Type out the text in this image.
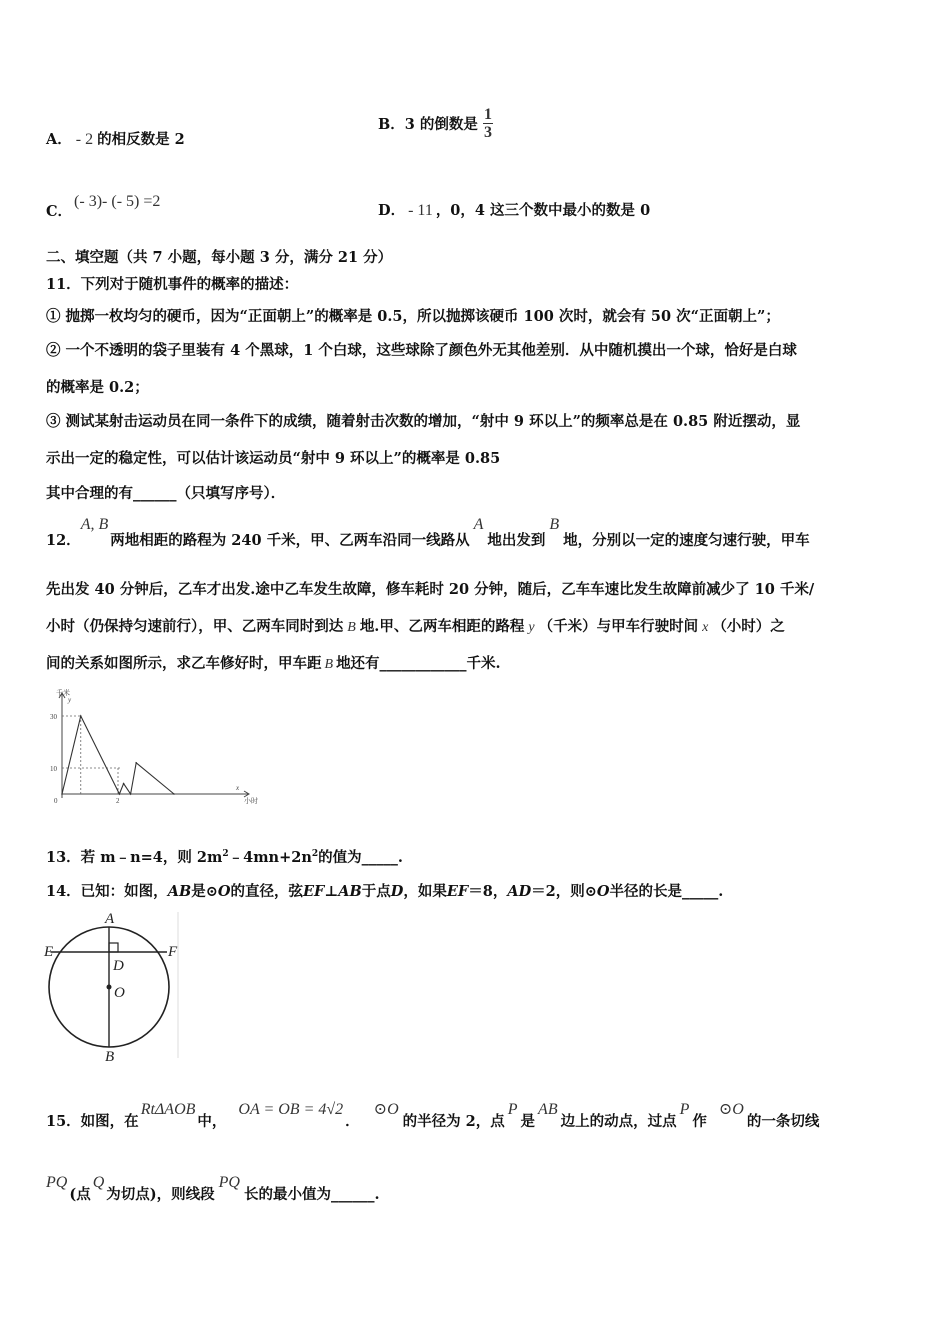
A． - 2 的相反数是 2
B．3 的倒数是 $\frac{1}{3}$
C．(- 3)- (- 5) =2
D． - 11 ，0，4 这三个数中最小的数是 0
二、填空题（共 7 小题，每小题 3 分，满分 21 分）
11．下列对于随机事件的概率的描述：
① 抛掷一枚均匀的硬币，因为“正面朝上”的概率是 0.5，所以抛掷该硬币 100 次时，就会有 50 次“正面朝上”；
② 一个不透明的袋子里装有 4 个黑球，1 个白球，这些球除了颜色外无其他差别．从中随机摸出一个球，恰好是白球
的概率是 0.2；
③ 测试某射击运动员在同一条件下的成绩，随着射击次数的增加，“射中 9 环以上”的频率总是在 0.85 附近摆动，显
示出一定的稳定性，可以估计该运动员“射中 9 环以上”的概率是 0.85
其中合理的有______（只填写序号）．
12．A, B两地相距的路程为 240 千米，甲、乙两车沿同一线路从A地出发到B地，分别以一定的速度匀速行驶，甲车
先出发 40 分钟后，乙车才出发.途中乙车发生故障，修车耗时 20 分钟，随后，乙车车速比发生故障前减少了 10 千米/
小时（仍保持匀速前行），甲、乙两车同时到达 B 地.甲、乙两车相距的路程 y （千米）与甲车行驶时间 x （小时）之
间的关系如图所示，求乙车修好时，甲车距 B 地还有____________千米.
千米
y
x
小时
0
30
10
2
13．若 m﹣n=4，则 $2m^2﹣4mn+2n^2$的值为_____.
14．已知：如图，AB是⊙O的直径，弦EF⊥AB于点D，如果EF＝8，AD＝2，则⊙O半径的长是_____.
A
E	F
D
O
B
15．如图，在RtΔAOB中，OA = OB = 4√2．⊙O的半径为 2，点P是AB边上的动点，过点P作⊙O的一条切线
PQ(点Q为切点)，则线段PQ长的最小值为______.
